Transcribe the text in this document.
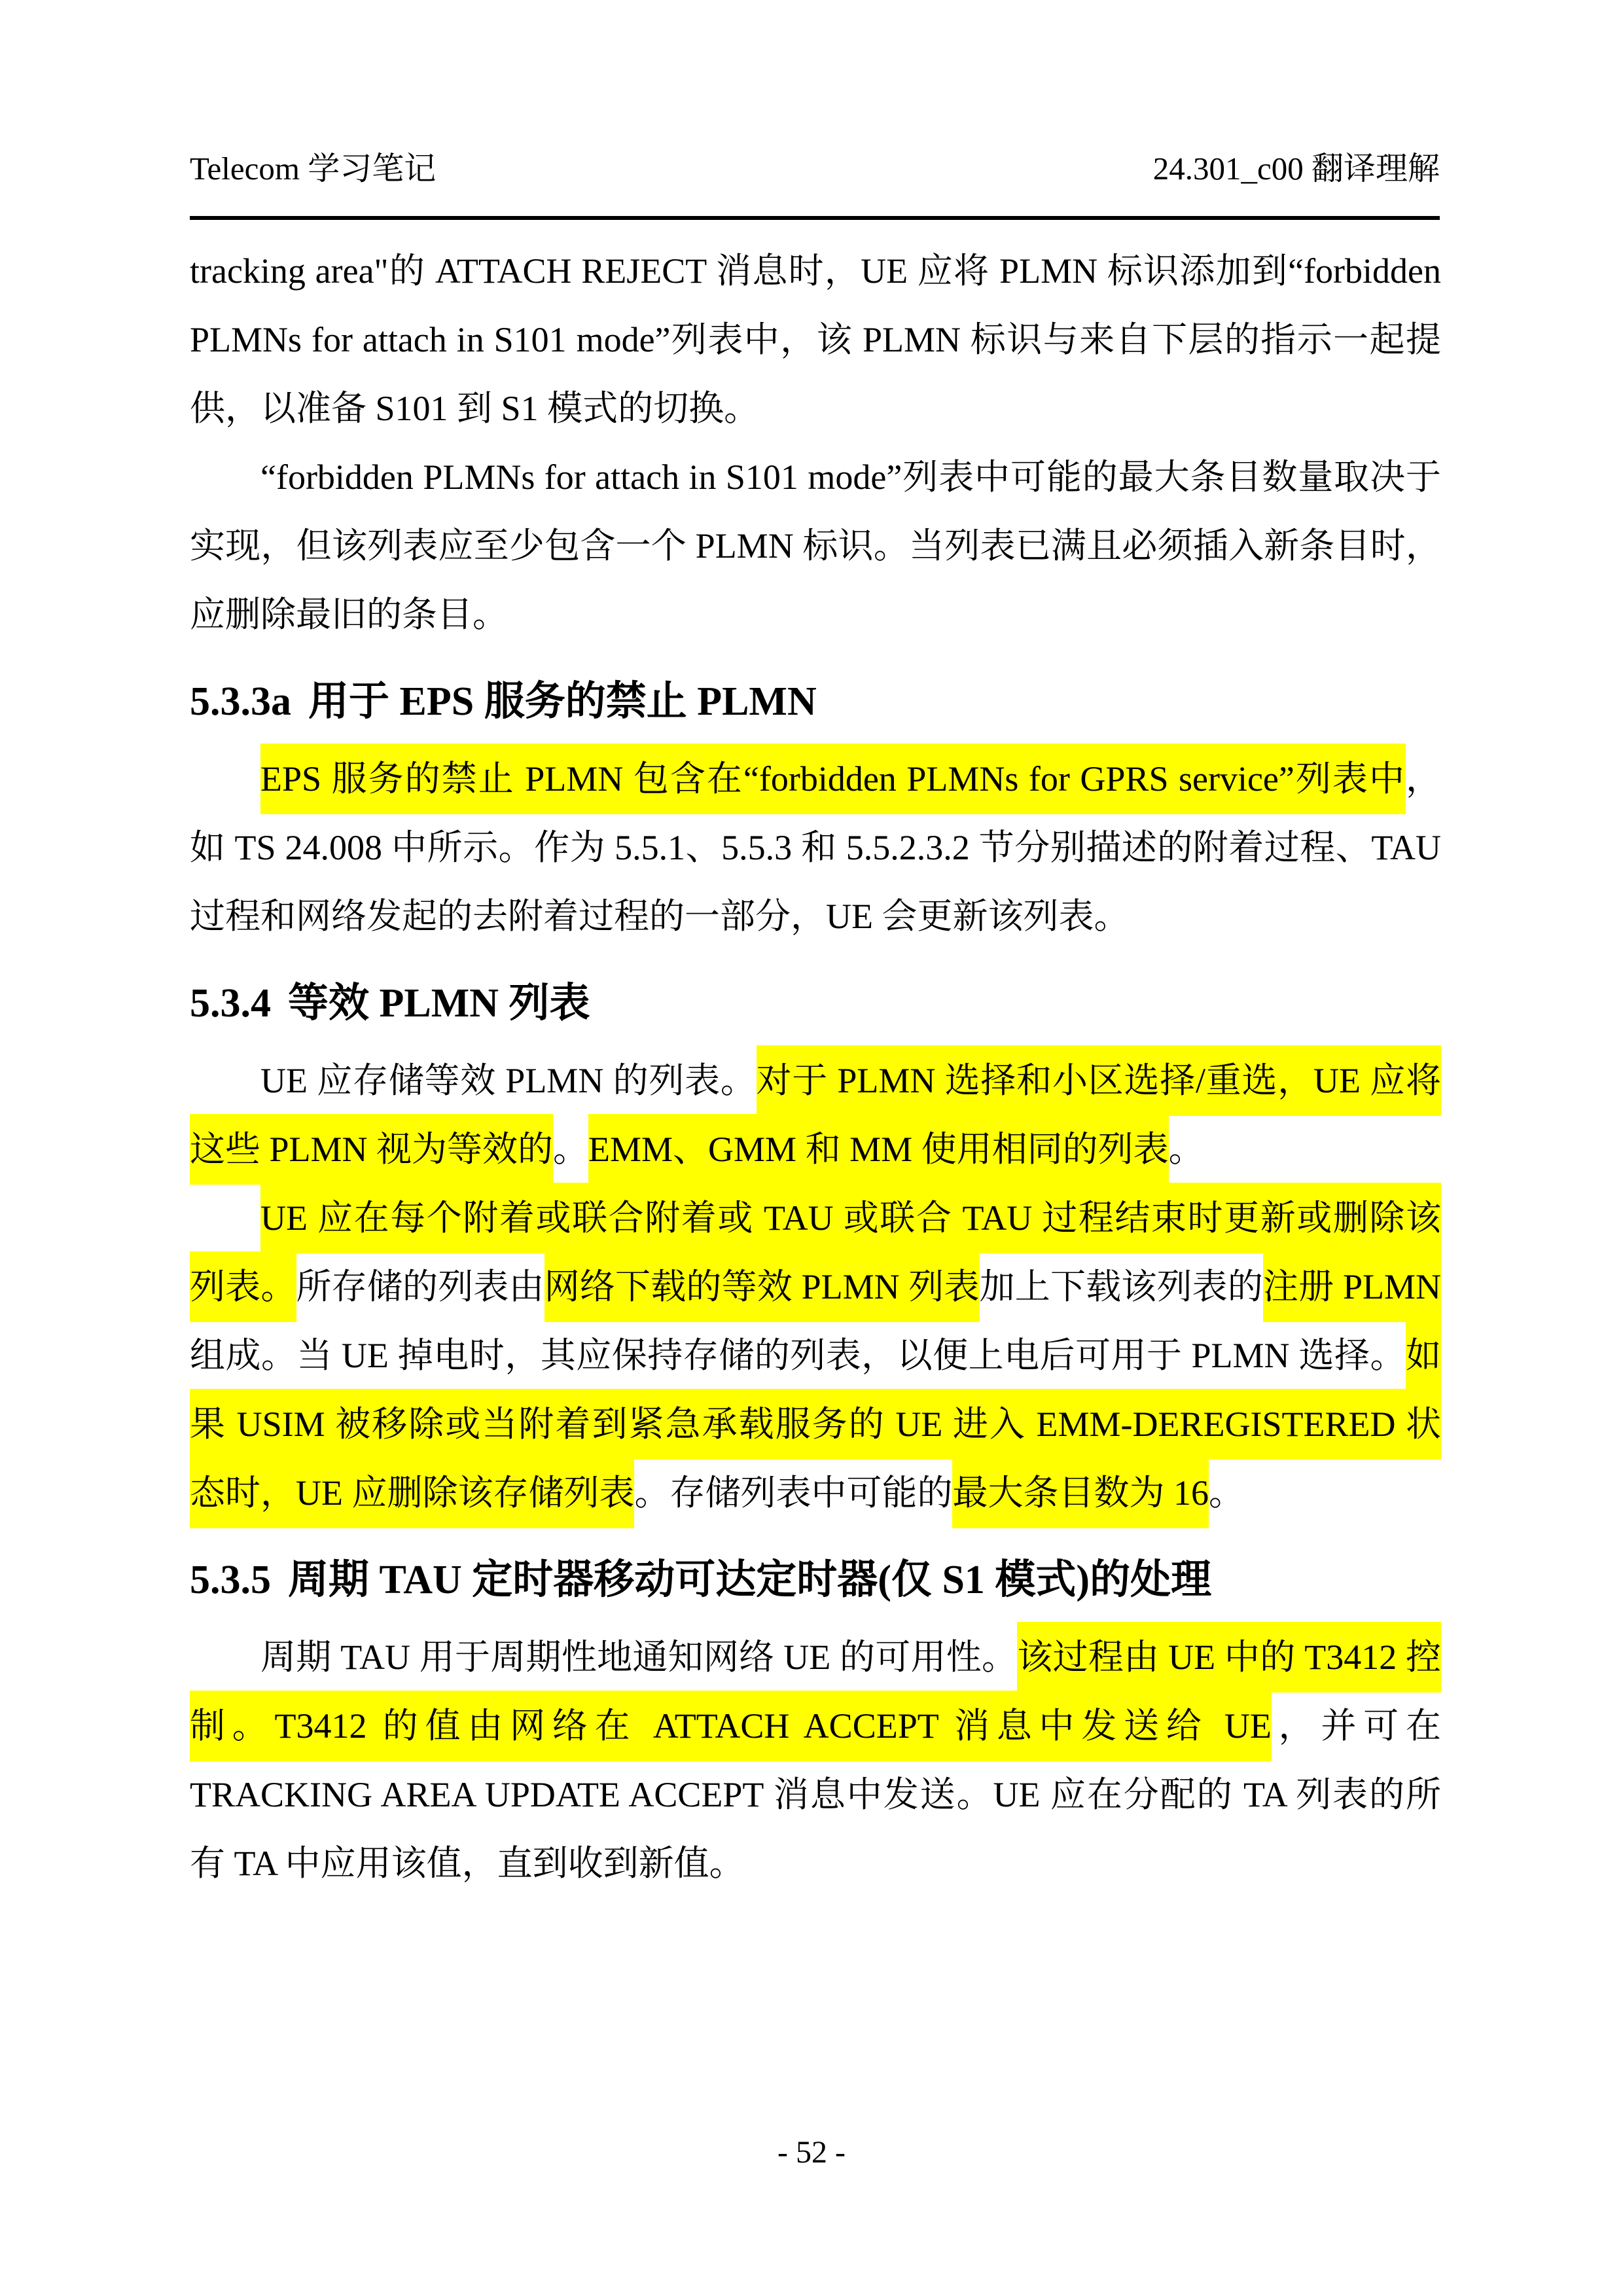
Telecom 学习笔记	24.301_c00 翻译理解

tracking area"的 ATTACH REJECT 消息时，UE 应将 PLMN 标识添加到“forbidden PLMNs for attach in S101 mode”列表中，该 PLMN 标识与来自下层的指示一起提供，以准备 S101 到 S1 模式的切换。

“forbidden PLMNs for attach in S101 mode”列表中可能的最大条目数量取决于实现，但该列表应至少包含一个 PLMN 标识。当列表已满且必须插入新条目时，应删除最旧的条目。

5.3.3a 用于 EPS 服务的禁止 PLMN

EPS 服务的禁止 PLMN 包含在“forbidden PLMNs for GPRS service”列表中，如 TS 24.008 中所示。作为 5.5.1、5.5.3 和 5.5.2.3.2 节分别描述的附着过程、TAU 过程和网络发起的去附着过程的一部分，UE 会更新该列表。

5.3.4 等效 PLMN 列表

UE 应存储等效 PLMN 的列表。对于 PLMN 选择和小区选择/重选，UE 应将这些 PLMN 视为等效的。EMM、GMM 和 MM 使用相同的列表。

UE 应在每个附着或联合附着或 TAU 或联合 TAU 过程结束时更新或删除该列表。所存储的列表由网络下载的等效 PLMN 列表加上下载该列表的注册 PLMN 组成。当 UE 掉电时，其应保持存储的列表，以便上电后可用于 PLMN 选择。如果 USIM 被移除或当附着到紧急承载服务的 UE 进入 EMM-DEREGISTERED 状态时，UE 应删除该存储列表。存储列表中可能的最大条目数为 16。

5.3.5 周期 TAU 定时器移动可达定时器(仅 S1 模式)的处理

周期 TAU 用于周期性地通知网络 UE 的可用性。该过程由 UE 中的 T3412 控制。T3412 的值由网络在 ATTACH ACCEPT 消息中发送给 UE，并可在 TRACKING AREA UPDATE ACCEPT 消息中发送。UE 应在分配的 TA 列表的所有 TA 中应用该值，直到收到新值。

- 52 -
